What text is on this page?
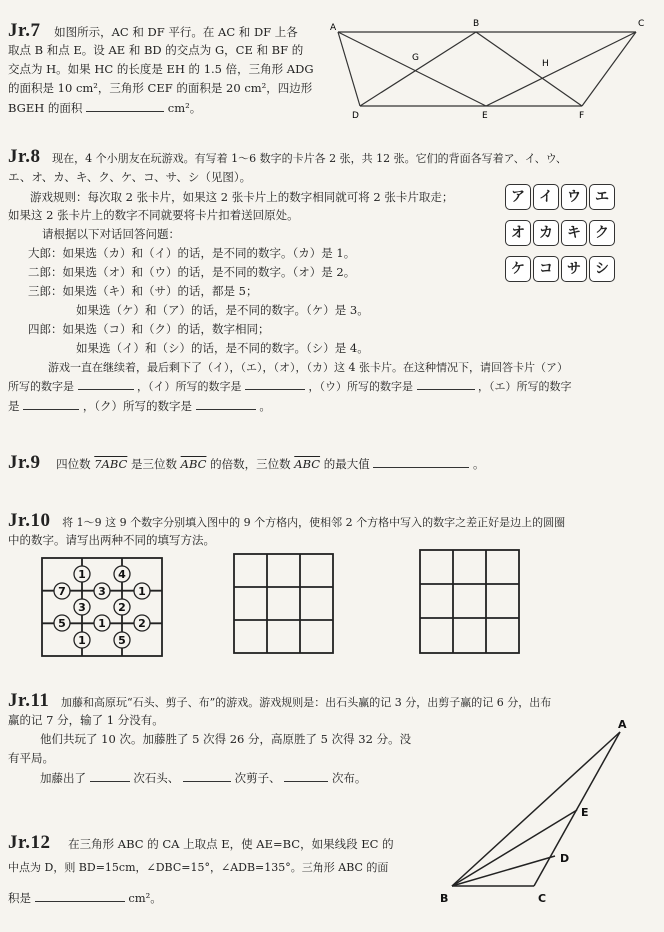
Jr.7 如图所示，AC 和 DF 平行。在 AC 和 DF 上各
取点 B 和点 E。设 AE 和 BD 的交点为 G，CE 和 BF 的
交点为 H。如果 HC 的长度是 EH 的 1.5 倍，三角形 ADG
的面积是 10 cm²，三角形 CEF 的面积是 20 cm²，四边形
BGEH 的面积	cm²。
A	B	C
D	E	F
G
H
Jr.8 现在，4 个小朋友在玩游戏。有写着 1～6 数字的卡片各 2 张，共 12 张。它们的背面各写着ア、イ、ウ、
エ、オ、カ、キ、ク、ケ、コ、サ、シ（见图）。
游戏规则：每次取 2 张卡片，如果这 2 张卡片上的数字相同就可将 2 张卡片取走；
如果这 2 张卡片上的数字不同就要将卡片扣着送回原处。
请根据以下对话回答问题：
大郎：如果选（カ）和（イ）的话，是不同的数字。（カ）是 1。
二郎：如果选（オ）和（ウ）的话，是不同的数字。（オ）是 2。
三郎：如果选（キ）和（サ）的话，都是 5；
如果选（ケ）和（ア）的话，是不同的数字。（ケ）是 3。
四郎：如果选（コ）和（ク）的话，数字相同；
如果选（イ）和（シ）的话，是不同的数字。（シ）是 4。
游戏一直在继续着，最后剩下了（イ），（エ），（オ），（カ）这 4 张卡片。在这种情况下，请回答卡片（ア）
所写的数字是	，（イ）所写的数字是	，（ウ）所写的数字是	，（エ）所写的数字
是	，（ク）所写的数字是	。
ア	イ	ウ	エ
オ	カ	キ	ク
ケ	コ	サ	シ
Jr.9 四位数 7ABC 是三位数 $\overline{ABC}$ 的倍数，三位数 $\overline{ABC}$ 的最大值	。
Jr.10 将 1～9 这 9 个数字分别填入图中的 9 个方格内，使相邻 2 个方格中写入的数字之差正好是边上的圆圈
中的数字。请写出两种不同的填写方法。
1	4
7	3	1
3	2
5	1	2
1	5
Jr.11 加藤和高原玩“石头、剪子、布”的游戏。游戏规则是：出石头赢的记 3 分，出剪子赢的记 6 分，出布
赢的记 7 分，输了 1 分没有。
他们共玩了 10 次。加藤胜了 5 次得 26 分，高原胜了 5 次得 32 分。没
有平局。
加藤出了	次石头、	次剪子、	次布。
Jr.12 在三角形 ABC 的 CA 上取点 E，使 AE=BC，如果线段 EC 的
中点为 D，则 BD=15cm，∠DBC=15°，∠ADB=135°。三角形 ABC 的面
积是	cm²。
A
B	C
D
E
